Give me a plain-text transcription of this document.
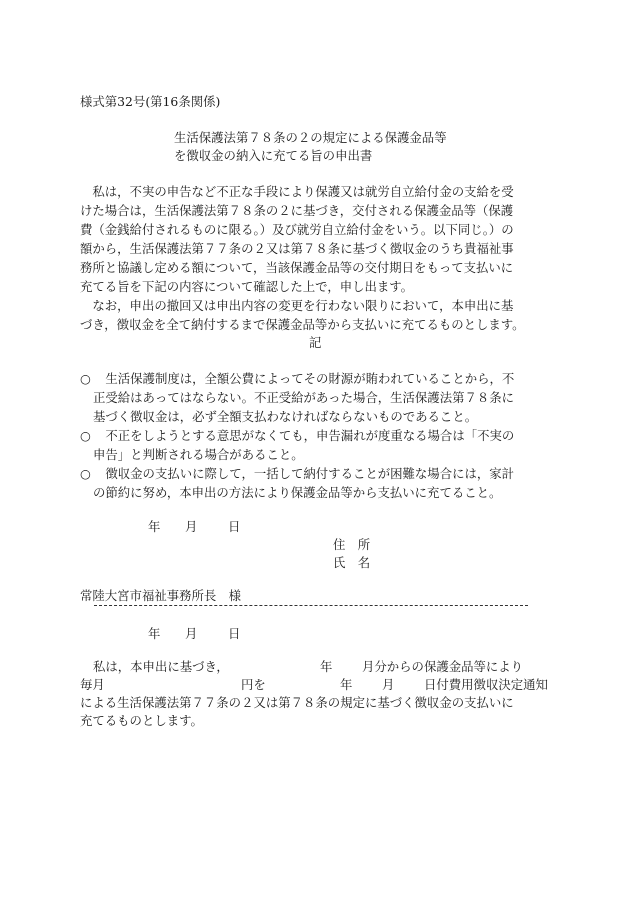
様式第32号(第16条関係)
生活保護法第７８条の２の規定による保護金品等
を徴収金の納入に充てる旨の申出書
　私は，不実の申告など不正な手段により保護又は就労自立給付金の支給を受
けた場合は，生活保護法第７８条の２に基づき，交付される保護金品等（保護
費（金銭給付されるものに限る。）及び就労自立給付金をいう。以下同じ。）の
額から，生活保護法第７７条の２又は第７８条に基づく徴収金のうち貴福祉事
務所と協議し定める額について，当該保護金品等の交付期日をもって支払いに
充てる旨を下記の内容について確認した上で，申し出ます。
　なお，申出の撤回又は申出内容の変更を行わない限りにおいて，本申出に基
づき，徴収金を全て納付するまで保護金品等から支払いに充てるものとします。
記
○ 　生活保護制度は，全額公費によってその財源が賄われていることから，不
正受給はあってはならない。不正受給があった場合，生活保護法第７８条に
基づく徴収金は，必ず全額支払わなければならないものであること。
○ 　不正をしようとする意思がなくても，申告漏れが度重なる場合は「不実の
申告」と判断される場合があること。
○ 　徴収金の支払いに際して，一括して納付することが困難な場合には，家計
の節約に努め，本申出の方法により保護金品等から支払いに充てること。
年 月 日
住　所
氏　名
常陸大宮市福祉事務所長　様
年 月 日
私は，本申出に基づき，	年 月分からの保護金品等により
毎月	円を	年 月 日付費用徴収決定通知
による生活保護法第７７条の２又は第７８条の規定に基づく徴収金の支払いに
充てるものとします。
